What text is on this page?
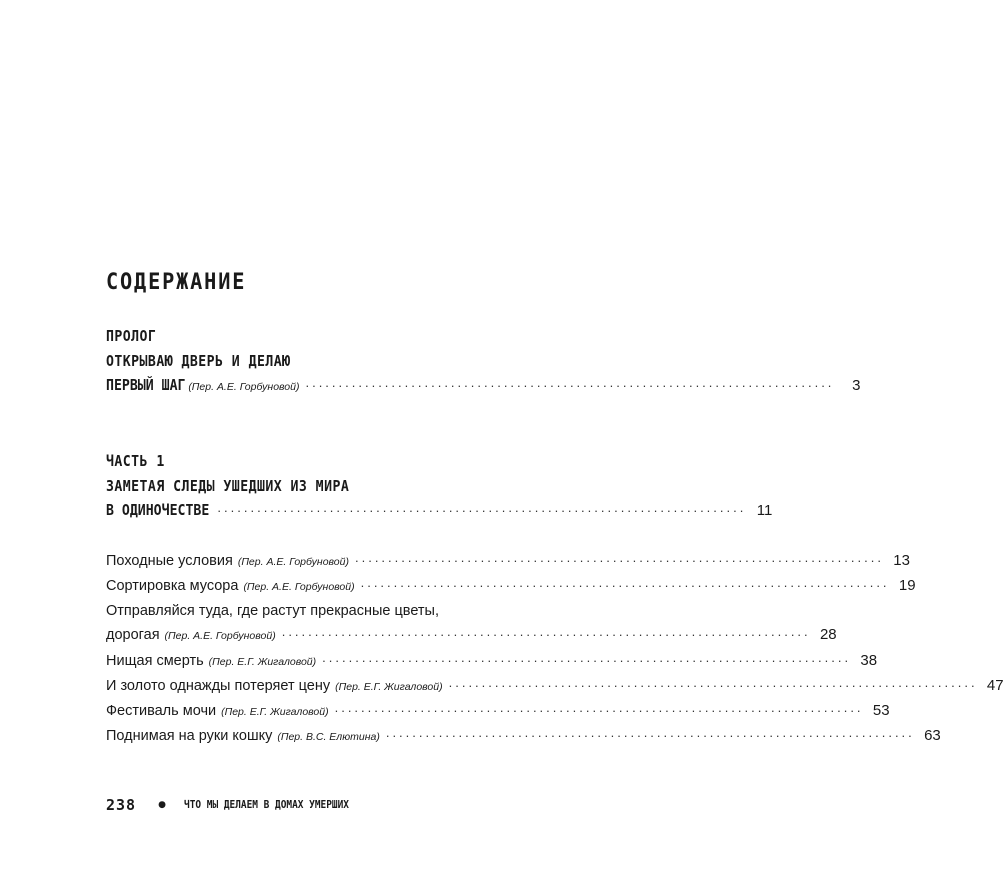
СОДЕРЖАНИЕ
ПРОЛОГ
ОТКРЫВАЮ ДВЕРЬ И ДЕЛАЮ
ПЕРВЫЙ ШАГ (Пер. А.Е. Горбуновой) ................................................................................	3
ЧАСТЬ 1
ЗАМЕТАЯ СЛЕДЫ УШЕДШИХ ИЗ МИРА
В ОДИНОЧЕСТВЕ ................................................................................ 11
Походные условия (Пер. А.Е. Горбуновой) ................................................................................ 13
Сортировка мусора (Пер. А.Е. Горбуновой) ................................................................................ 19
Отправляйся туда, где растут прекрасные цветы,
дорогая (Пер. А.Е. Горбуновой) ................................................................................ 28
Нищая смерть (Пер. Е.Г. Жигаловой) ................................................................................ 38
И золото однажды потеряет цену (Пер. Е.Г. Жигаловой) ................................................................................ 47
Фестиваль мочи (Пер. Е.Г. Жигаловой) ................................................................................ 53
Поднимая на руки кошку (Пер. В.С. Елютина) ................................................................................ 63
238 ● ЧТО МЫ ДЕЛАЕМ В ДОМАХ УМЕРШИХ
